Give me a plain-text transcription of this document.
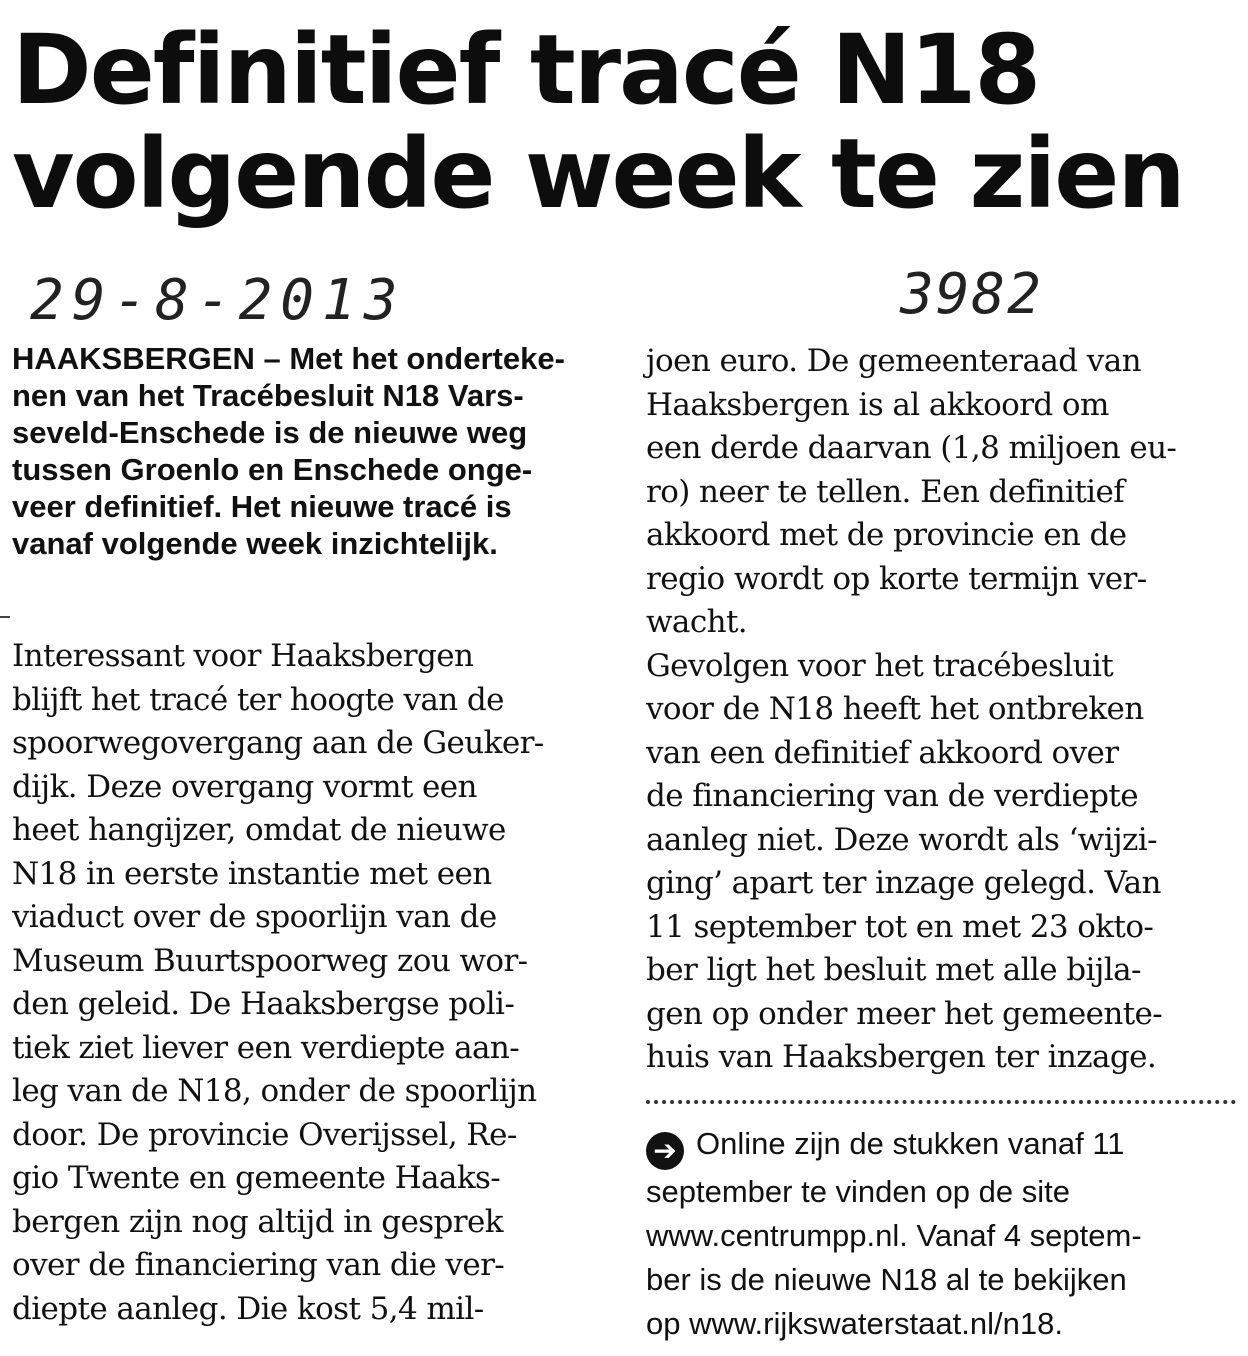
Definitief tracé N18
volgende week te zien
29-8-2013	3982

HAAKSBERGEN – Met het onderteke-
nen van het Tracébesluit N18 Vars-
seveld-Enschede is de nieuwe weg
tussen Groenlo en Enschede onge-
veer definitief. Het nieuwe tracé is
vanaf volgende week inzichtelijk.

Interessant voor Haaksbergen
blijft het tracé ter hoogte van de
spoorwegovergang aan de Geuker-
dijk. Deze overgang vormt een
heet hangijzer, omdat de nieuwe
N18 in eerste instantie met een
viaduct over de spoorlijn van de
Museum Buurtspoorweg zou wor-
den geleid. De Haaksbergse poli-
tiek ziet liever een verdiepte aan-
leg van de N18, onder de spoorlijn
door. De provincie Overijssel, Re-
gio Twente en gemeente Haaks-
bergen zijn nog altijd in gesprek
over de financiering van die ver-
diepte aanleg. Die kost 5,4 mil-

joen euro. De gemeenteraad van
Haaksbergen is al akkoord om
een derde daarvan (1,8 miljoen eu-
ro) neer te tellen. Een definitief
akkoord met de provincie en de
regio wordt op korte termijn ver-
wacht.
Gevolgen voor het tracébesluit
voor de N18 heeft het ontbreken
van een definitief akkoord over
de financiering van de verdiepte
aanleg niet. Deze wordt als ‘wijzi-
ging’ apart ter inzage gelegd. Van
11 september tot en met 23 okto-
ber ligt het besluit met alle bijla-
gen op onder meer het gemeente-
huis van Haaksbergen ter inzage.

➔ Online zijn de stukken vanaf 11
september te vinden op de site
www.centrumpp.nl. Vanaf 4 septem-
ber is de nieuwe N18 al te bekijken
op www.rijkswaterstaat.nl/n18.
